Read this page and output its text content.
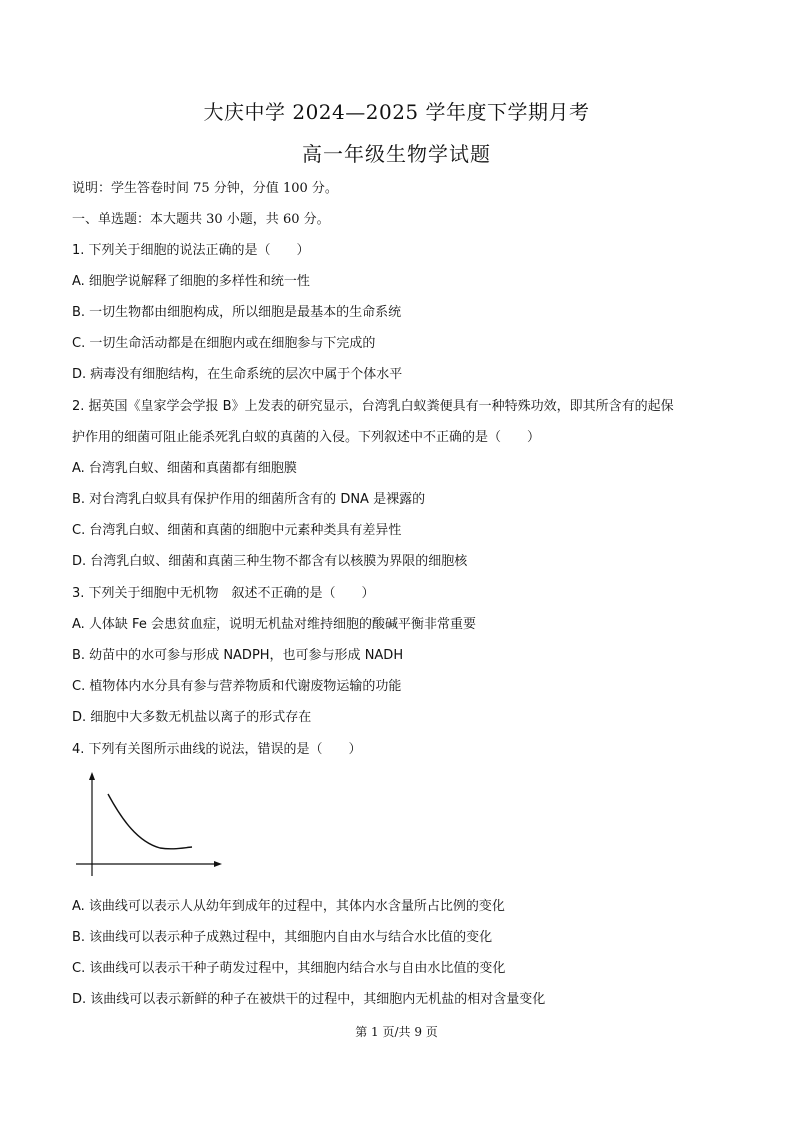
大庆中学 2024—2025 学年度下学期月考
高一年级生物学试题
说明：学生答卷时间 75 分钟，分值 100 分。
一、单选题：本大题共 30 小题，共 60 分。
1. 下列关于细胞的说法正确的是（　　）
A. 细胞学说解释了细胞的多样性和统一性
B. 一切生物都由细胞构成，所以细胞是最基本的生命系统
C. 一切生命活动都是在细胞内或在细胞参与下完成的
D. 病毒没有细胞结构，在生命系统的层次中属于个体水平
2. 据英国《皇家学会学报 B》上发表的研究显示，台湾乳白蚁粪便具有一种特殊功效，即其所含有的起保
护作用的细菌可阻止能杀死乳白蚁的真菌的入侵。下列叙述中不正确的是（　　）
A. 台湾乳白蚁、细菌和真菌都有细胞膜
B. 对台湾乳白蚁具有保护作用的细菌所含有的 DNA 是裸露的
C. 台湾乳白蚁、细菌和真菌的细胞中元素种类具有差异性
D. 台湾乳白蚁、细菌和真菌三种生物不都含有以核膜为界限的细胞核
3. 下列关于细胞中无机物　叙述不正确的是（　　）
A. 人体缺 Fe 会患贫血症，说明无机盐对维持细胞的酸碱平衡非常重要
B. 幼苗中的水可参与形成 NADPH，也可参与形成 NADH
C. 植物体内水分具有参与营养物质和代谢废物运输的功能
D. 细胞中大多数无机盐以离子的形式存在
4. 下列有关图所示曲线的说法，错误的是（　　）
A. 该曲线可以表示人从幼年到成年的过程中，其体内水含量所占比例的变化
B. 该曲线可以表示种子成熟过程中，其细胞内自由水与结合水比值的变化
C. 该曲线可以表示干种子萌发过程中，其细胞内结合水与自由水比值的变化
D. 该曲线可以表示新鲜的种子在被烘干的过程中，其细胞内无机盐的相对含量变化
第 1 页/共 9 页
